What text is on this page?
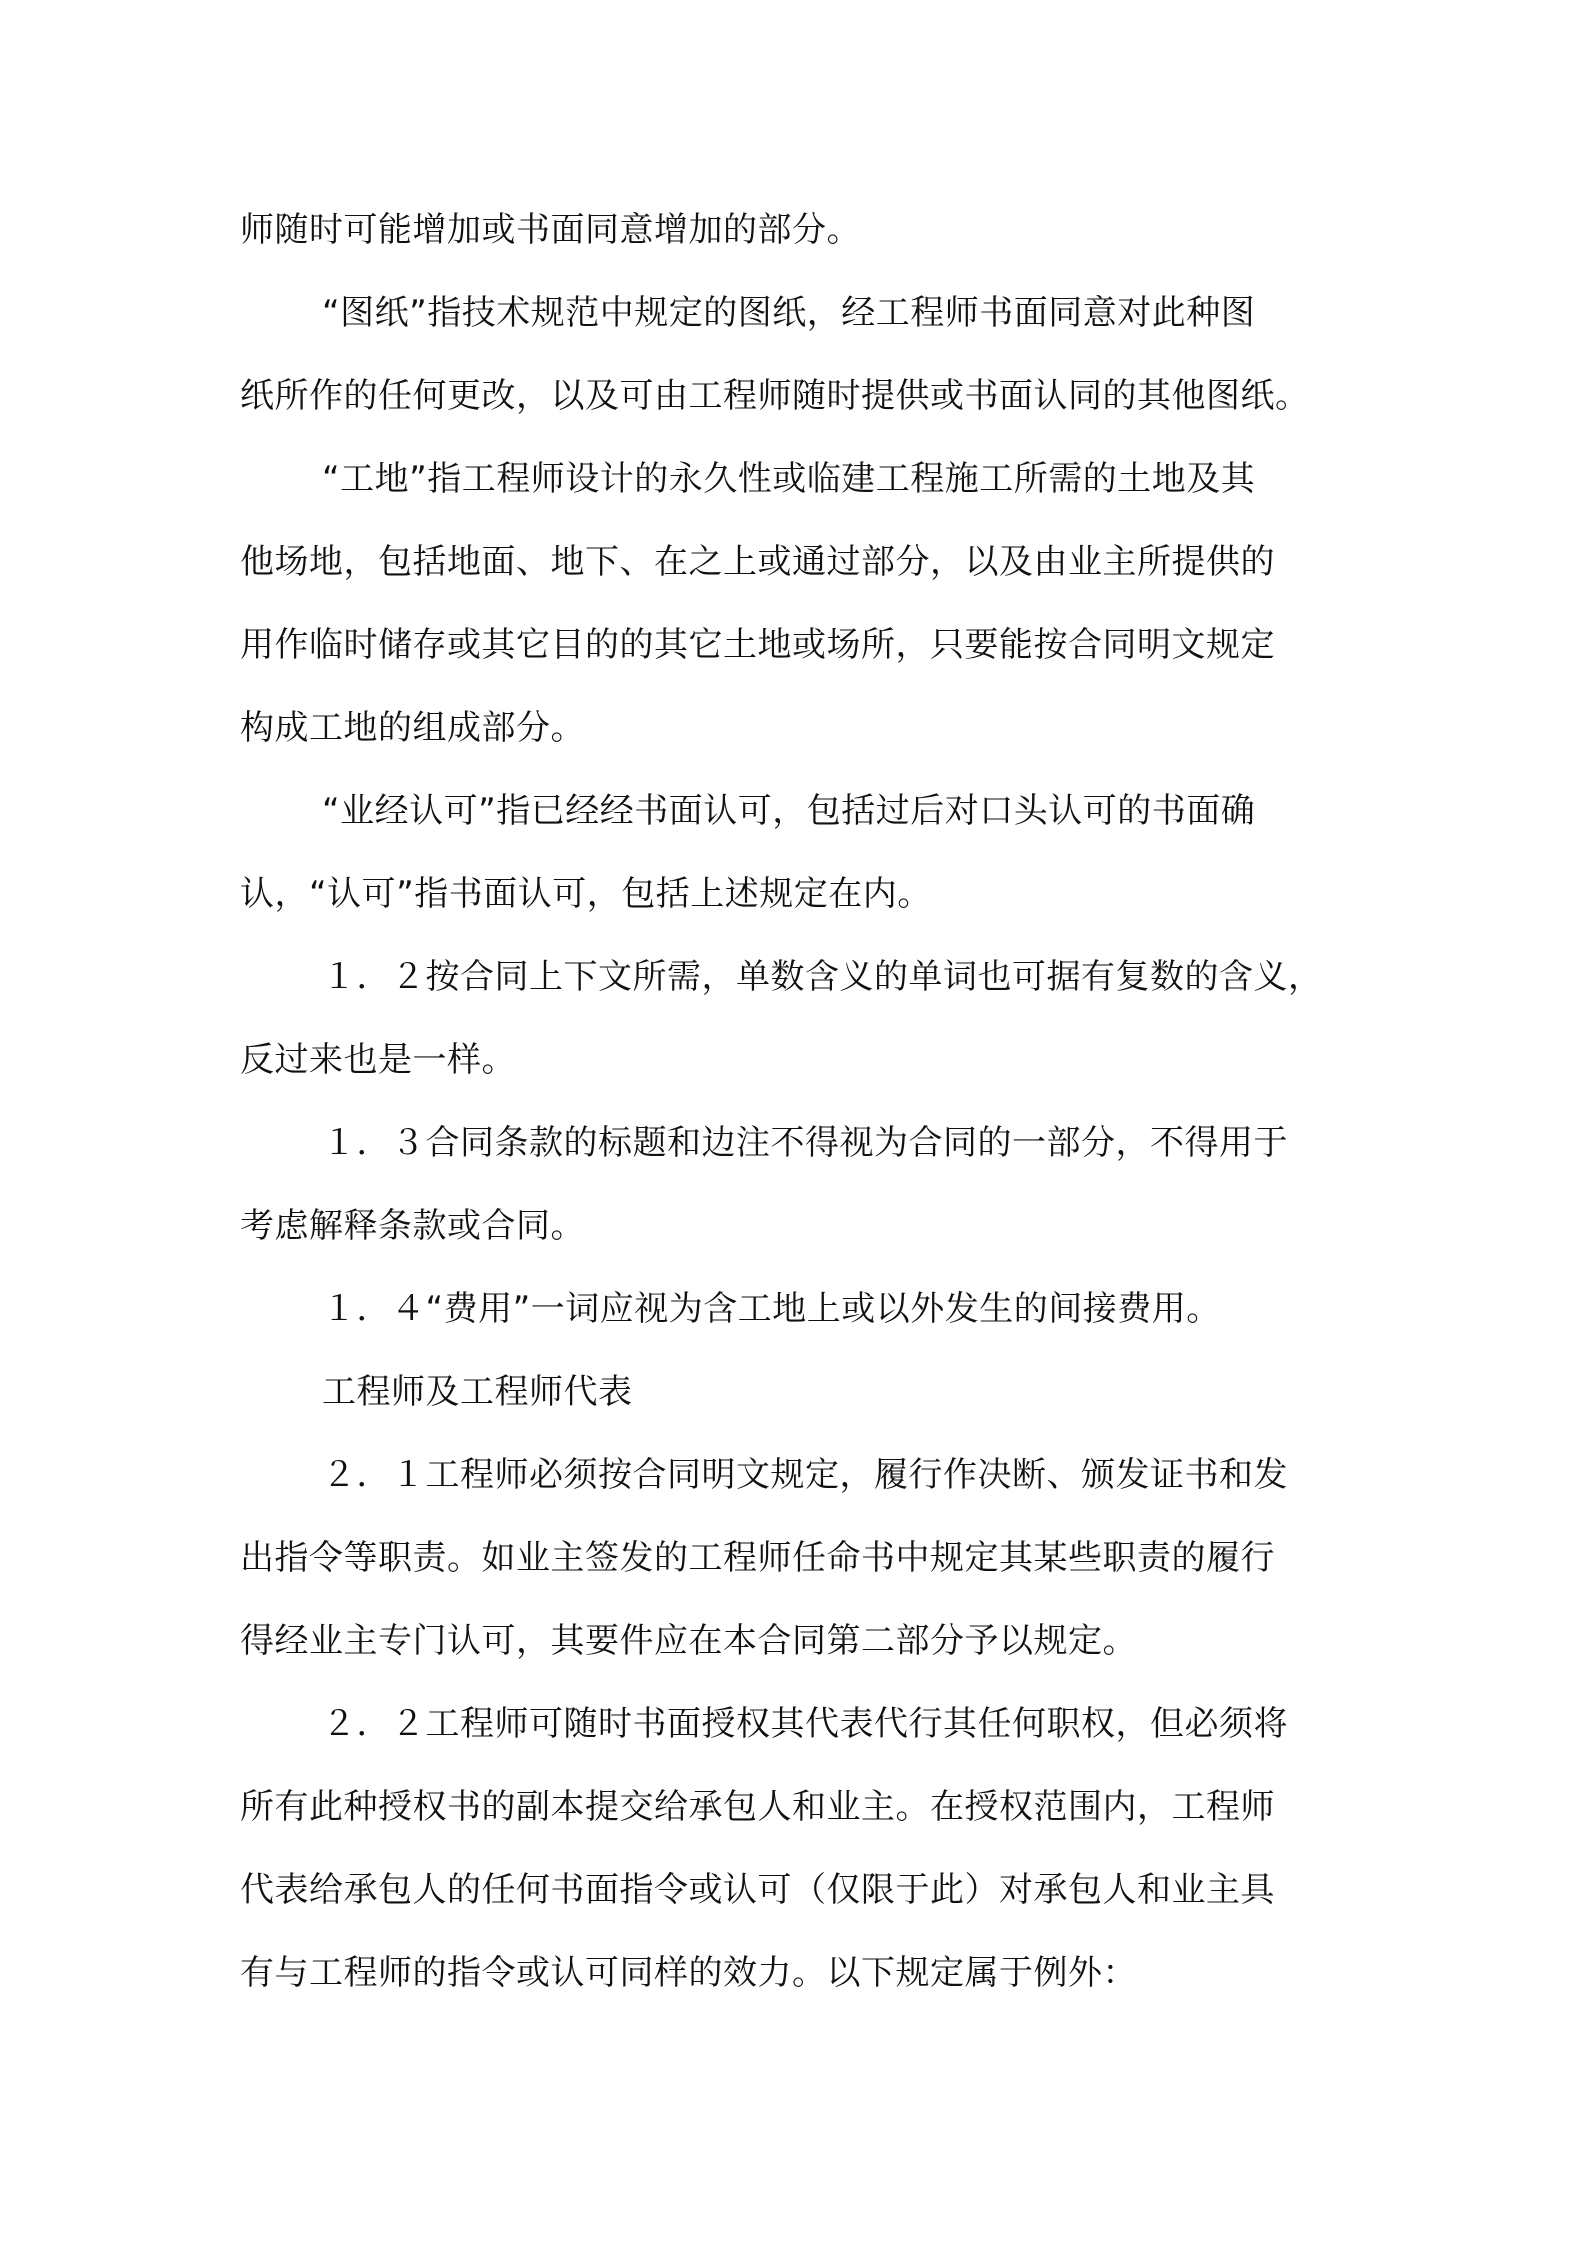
师随时可能增加或书面同意增加的部分。
“图纸”指技术规范中规定的图纸，经工程师书面同意对此种图
纸所作的任何更改，以及可由工程师随时提供或书面认同的其他图纸。
“工地”指工程师设计的永久性或临建工程施工所需的土地及其
他场地，包括地面、地下、在之上或通过部分，以及由业主所提供的
用作临时储存或其它目的的其它土地或场所，只要能按合同明文规定
构成工地的组成部分。
“业经认可”指已经经书面认可，包括过后对口头认可的书面确
认，“认可”指书面认可，包括上述规定在内。
１．２按合同上下文所需，单数含义的单词也可据有复数的含义，
反过来也是一样。
１．３合同条款的标题和边注不得视为合同的一部分，不得用于
考虑解释条款或合同。
１．４“费用”一词应视为含工地上或以外发生的间接费用。
工程师及工程师代表
２．１工程师必须按合同明文规定，履行作决断、颁发证书和发
出指令等职责。如业主签发的工程师任命书中规定其某些职责的履行
得经业主专门认可，其要件应在本合同第二部分予以规定。
２．２工程师可随时书面授权其代表代行其任何职权，但必须将
所有此种授权书的副本提交给承包人和业主。在授权范围内，工程师
代表给承包人的任何书面指令或认可（仅限于此）对承包人和业主具
有与工程师的指令或认可同样的效力。以下规定属于例外：
